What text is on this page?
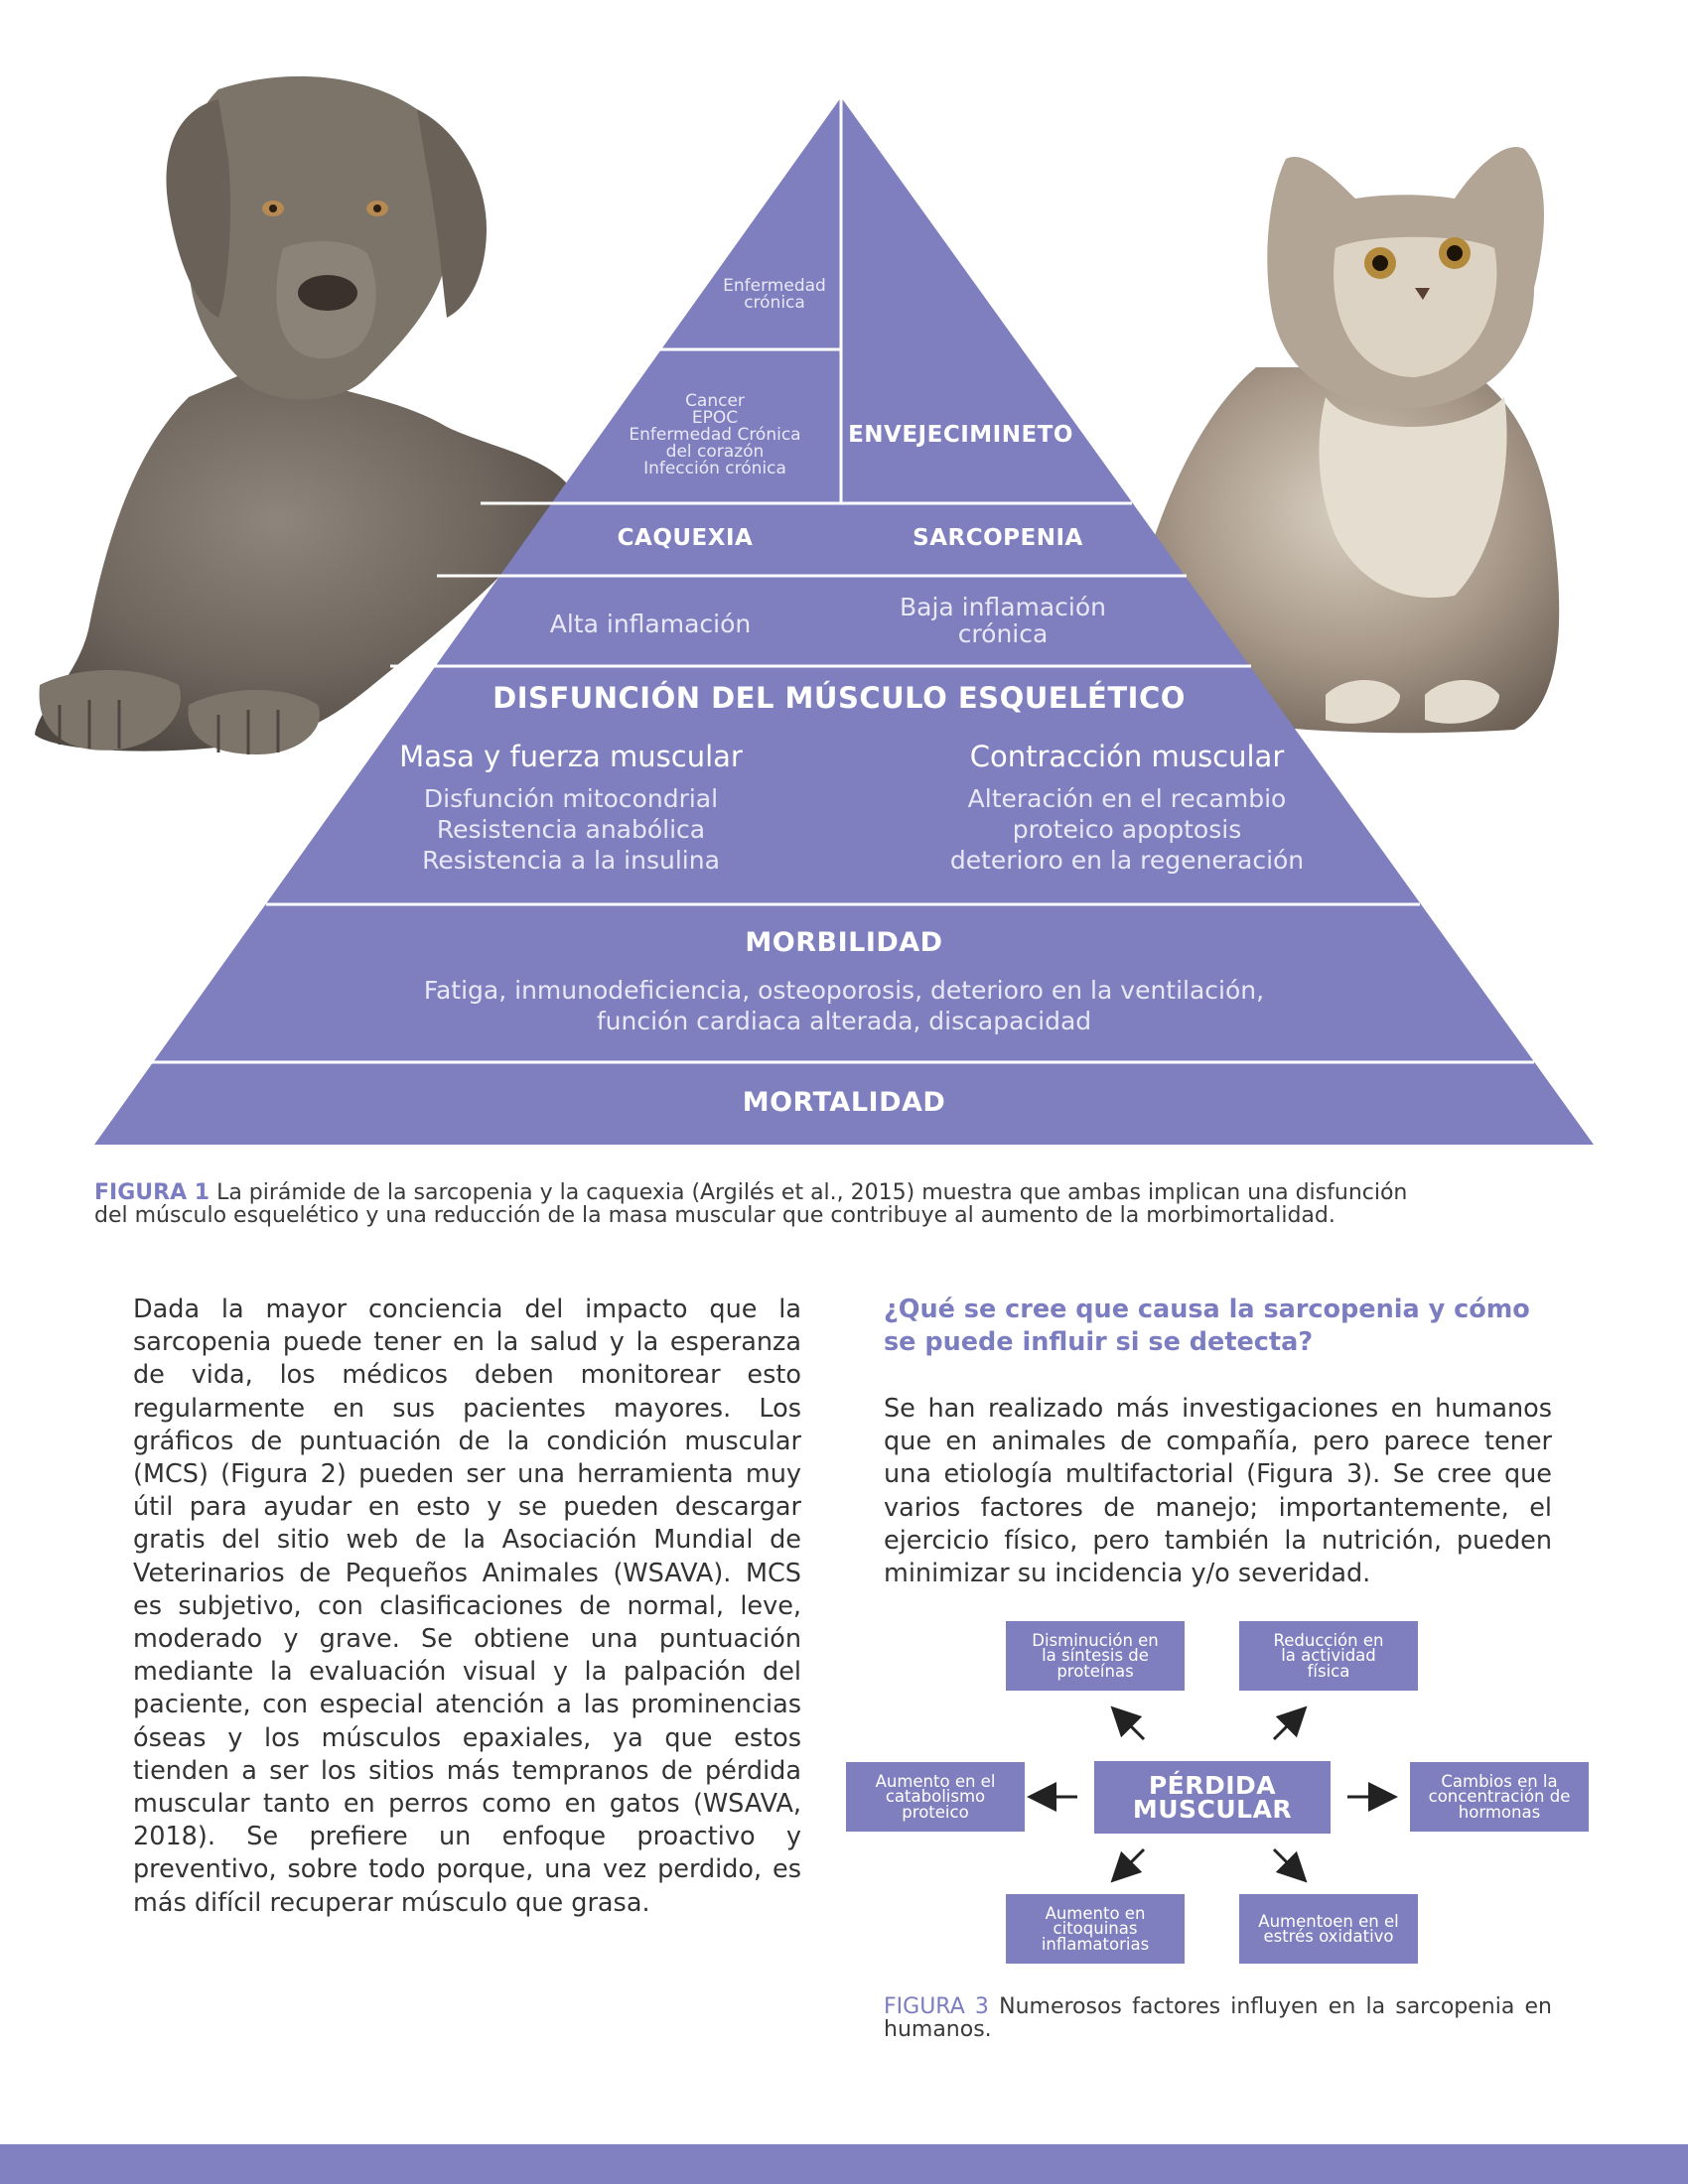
Enfermedad
crónica
Cancer
EPOC
Enfermedad Crónica
del corazón
Infección crónica
ENVEJECIMINETO
CAQUEXIA	SARCOPENIA
Alta inflamación
Baja inflamación
crónica
DISFUNCIÓN DEL MÚSCULO ESQUELÉTICO
Masa y fuerza muscular
Disfunción mitocondrial
Resistencia anabólica
Resistencia a la insulina
Contracción muscular
Alteración en el recambio
proteico apoptosis
deterioro en la regeneración
MORBILIDAD
Fatiga, inmunodeficiencia, osteoporosis, deterioro en la ventilación,
función cardiaca alterada, discapacidad
MORTALIDAD
FIGURA 1 La pirámide de la sarcopenia y la caquexia (Argilés et al., 2015) muestra que ambas implican una disfunción
del músculo esquelético y una reducción de la masa muscular que contribuye al aumento de la morbimortalidad.
Dada la mayor conciencia del impacto que la sarcopenia puede tener en la salud y la esperanza de vida, los médicos deben monitorear esto regularmente en sus pacientes mayores. Los gráficos de puntuación de la condición muscular (MCS) (Figura 2) pueden ser una herramienta muy útil para ayudar en esto y se pueden descargar gratis del sitio web de la Asociación Mundial de Veterinarios de Pequeños Animales (WSAVA). MCS es subjetivo, con clasificaciones de normal, leve, moderado y grave. Se obtiene una puntuación mediante la evaluación visual y la palpación del paciente, con especial atención a las prominencias óseas y los músculos epaxiales, ya que estos tienden a ser los sitios más tempranos de pérdida muscular tanto en perros como en gatos (WSAVA, 2018). Se prefiere un enfoque proactivo y preventivo, sobre todo porque, una vez perdido, es más difícil recuperar músculo que grasa.
¿Qué se cree que causa la sarcopenia y cómo se puede influir si se detecta?
Se han realizado más investigaciones en humanos que en animales de compañía, pero parece tener una etiología multifactorial (Figura 3). Se cree que varios factores de manejo; importantemente, el ejercicio físico, pero también la nutrición, pueden minimizar su incidencia y/o severidad.
Disminución en
la síntesis de
proteínas
Reducción en
la actividad
física
Aumento en el
catabolismo
proteico
PÉRDIDA
MUSCULAR
Cambios en la
concentración de
hormonas
Aumento en
citoquinas
inflamatorias
Aumentoen en el
estrés oxidativo
FIGURA 3 Numerosos factores influyen en la sarcopenia en humanos.
